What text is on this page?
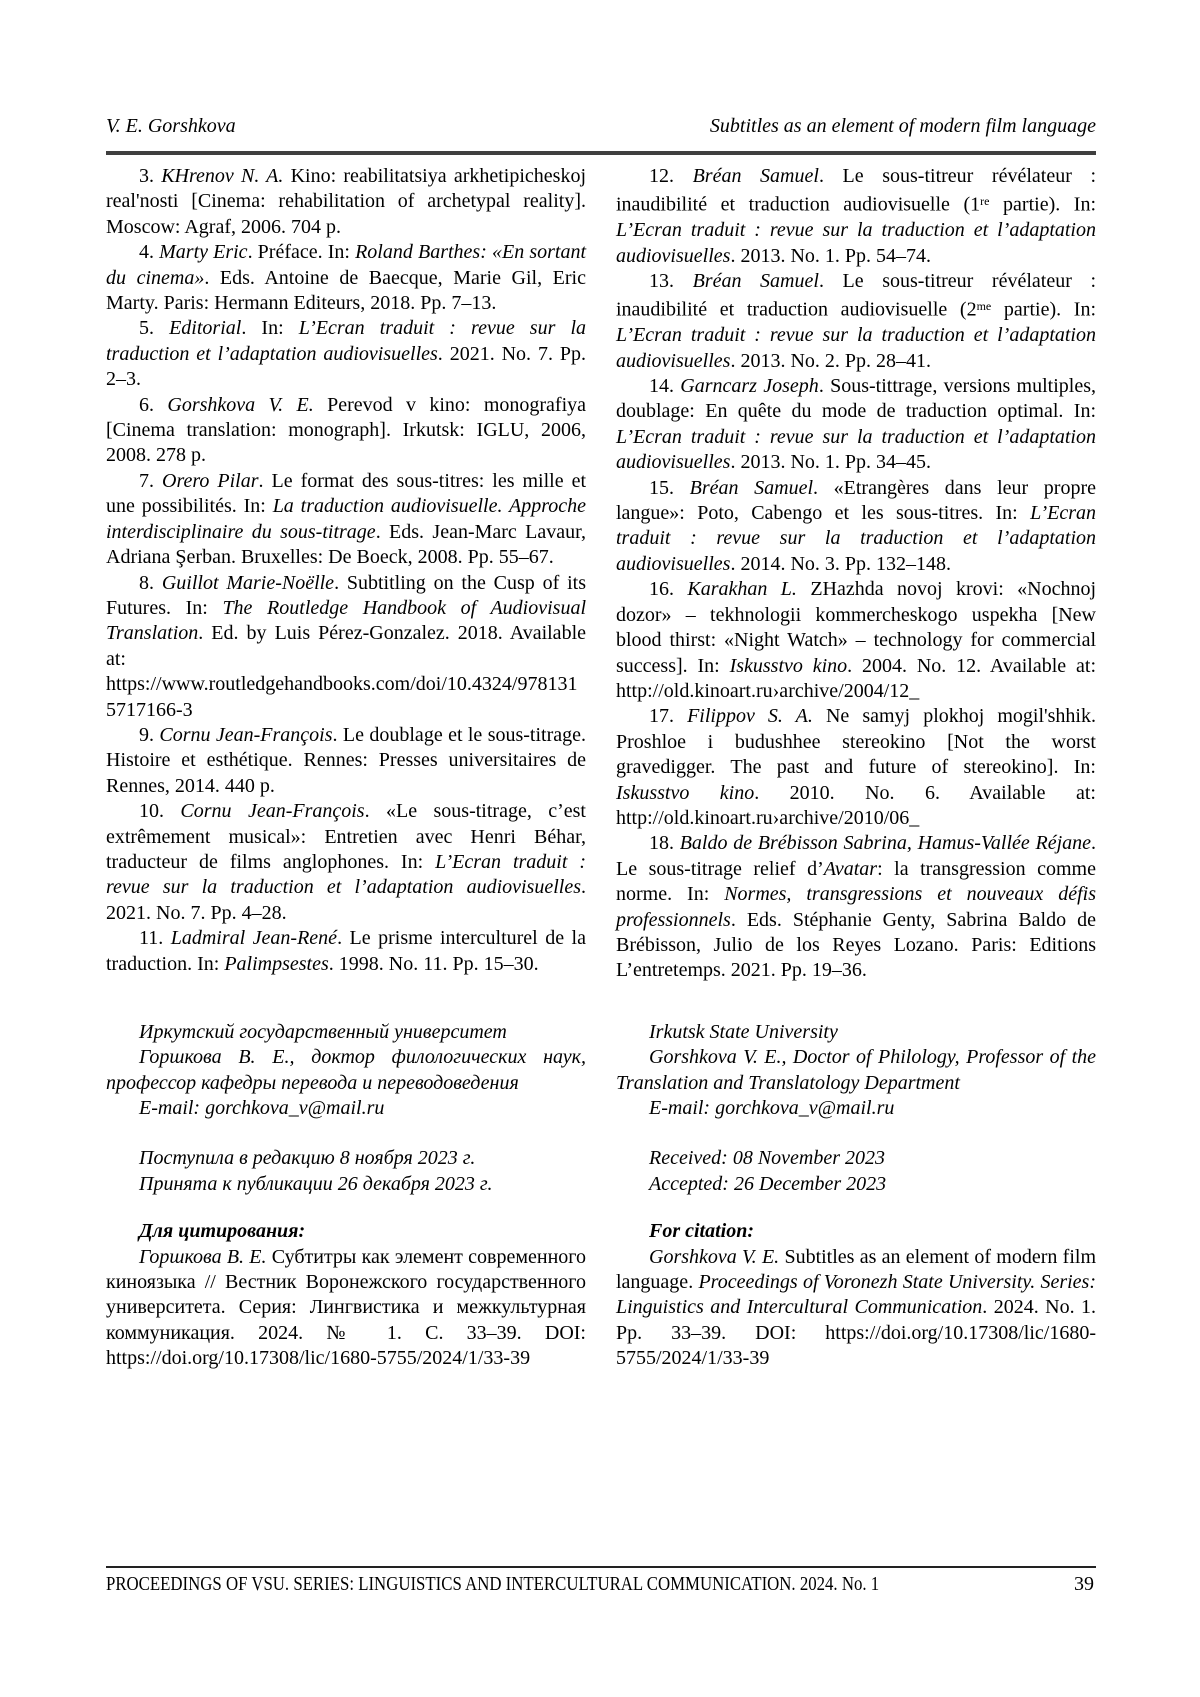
V. E. Gorshkova	Subtitles as an element of modern film language

3. KHrenov N. A. Kino: reabilitatsiya arkhetipicheskoj real'nosti [Cinema: rehabilitation of archetypal reality]. Moscow: Agraf, 2006. 704 p.

4. Marty Eric. Préface. In: Roland Barthes: «En sortant du cinema». Eds. Antoine de Baecque, Marie Gil, Eric Marty. Paris: Hermann Editeurs, 2018. Pp. 7–13.

5. Editorial. In: L’Ecran traduit : revue sur la traduction et l’adaptation audiovisuelles. 2021. No. 7. Pp. 2–3.

6. Gorshkova V. E. Perevod v kino: monografiya [Cinema translation: monograph]. Irkutsk: IGLU, 2006, 2008. 278 p.

7. Orero Pilar. Le format des sous-titres: les mille et une possibilités. In: La traduction audiovisuelle. Approche interdisciplinaire du sous-titrage. Eds. Jean-Marc Lavaur, Adriana Şerban. Bruxelles: De Boeck, 2008. Pp. 55–67.

8. Guillot Marie-Noëlle. Subtitling on the Cusp of its Futures. In: The Routledge Handbook of Audiovisual Translation. Ed. by Luis Pérez-Gonzalez. 2018. Available at: https://www.routledgehandbooks.com/doi/10.4324/9781315717166-3

9. Cornu Jean-François. Le doublage et le sous-titrage. Histoire et esthétique. Rennes: Presses universitaires de Rennes, 2014. 440 p.

10. Cornu Jean-François. «Le sous-titrage, c’est extrêmement musical»: Entretien avec Henri Béhar, traducteur de films anglophones. In: L’Ecran traduit : revue sur la traduction et l’adaptation audiovisuelles. 2021. No. 7. Pp. 4–28.

11. Ladmiral Jean-René. Le prisme interculturel de la traduction. In: Palimpsestes. 1998. No. 11. Pp. 15–30.

12. Bréan Samuel. Le sous-titreur révélateur : inaudibilité et traduction audiovisuelle (1re partie). In: L’Ecran traduit : revue sur la traduction et l’adaptation audiovisuelles. 2013. No. 1. Pp. 54–74.

13. Bréan Samuel. Le sous-titreur révélateur : inaudibilité et traduction audiovisuelle ($2^{me}$ partie). In: L’Ecran traduit : revue sur la traduction et l’adaptation audiovisuelles. 2013. No. 2. Pp. 28–41.

14. Garncarz Joseph. Sous-tittrage, versions multiples, doublage: En quête du mode de traduction optimal. In: L’Ecran traduit : revue sur la traduction et l’adaptation audiovisuelles. 2013. No. 1. Pp. 34–45.

15. Bréan Samuel. «Etrangères dans leur propre langue»: Poto, Cabengo et les sous-titres. In: L’Ecran traduit : revue sur la traduction et l’adaptation audiovisuelles. 2014. No. 3. Pp. 132–148.

16. Karakhan L. ZHazhda novoj krovi: «Nochnoj dozor» – tekhnologii kommercheskogo uspekha [New blood thirst: «Night Watch» – technology for commercial success]. In: Iskusstvo kino. 2004. No. 12. Available at: http://old.kinoart.ru›archive/2004/12_

17. Filippov S. A. Ne samyj plokhoj mogil'shhik. Proshloe i budushhee stereokino [Not the worst gravedigger. The past and future of stereokino]. In: Iskusstvo kino. 2010. No. 6. Available at: http://old.kinoart.ru›archive/2010/06_

18. Baldo de Brébisson Sabrina, Hamus-Vallée Réjane. Le sous-titrage relief d’Avatar: la transgression comme norme. In: Normes, transgressions et nouveaux défis professionnels. Eds. Stéphanie Genty, Sabrina Baldo de Brébisson, Julio de los Reyes Lozano. Paris: Editions L’entretemps. 2021. Pp. 19–36.

Иркутский государственный университет

Горшкова В. Е., доктор филологических наук, профессор кафедры перевода и переводоведения

E-mail: gorchkova_v@mail.ru

Irkutsk State University

Gorshkova V. E., Doctor of Philology, Professor of the Translation and Translatology Department

E-mail: gorchkova_v@mail.ru

Поступила в редакцию 8 ноября 2023 г.

Принята к публикации 26 декабря 2023 г.

Received: 08 November 2023

Accepted: 26 December 2023

Для цитирования:

Горшкова В. Е. Субтитры как элемент современного киноязыка // Вестник Воронежского государственного университета. Серия: Лингвистика и межкультурная коммуникация. 2024. № 1. С. 33–39. DOI: https://doi.org/10.17308/lic/1680-5755/2024/1/33-39

For citation:

Gorshkova V. E. Subtitles as an element of modern film language. Proceedings of Voronezh State University. Series: Linguistics and Intercultural Communication. 2024. No. 1. Pp. 33–39. DOI: https://doi.org/10.17308/lic/1680-5755/2024/1/33-39

PROCEEDINGS OF VSU. SERIES: LINGUISTICS AND INTERCULTURAL COMMUNICATION. 2024. No. 1	39
